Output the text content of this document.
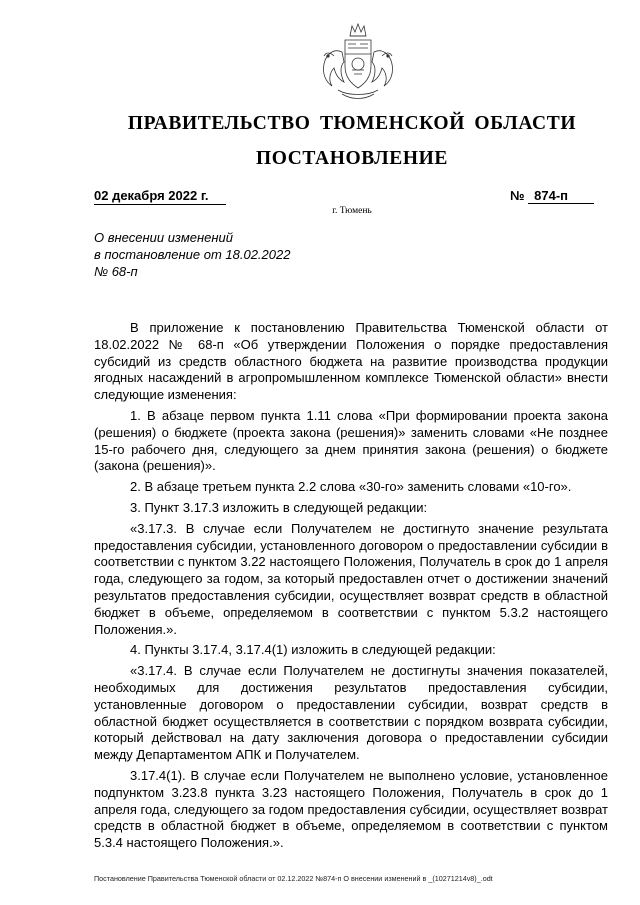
ПРАВИТЕЛЬСТВО ТЮМЕНСКОЙ ОБЛАСТИ
ПОСТАНОВЛЕНИЕ
02 декабря 2022 г.	№ 874-п
г. Тюмень
О внесении изменений
в постановление от 18.02.2022
№ 68-п

В приложение к постановлению Правительства Тюменской области от 18.02.2022 № 68-п «Об утверждении Положения о порядке предоставления субсидий из средств областного бюджета на развитие производства продукции ягодных насаждений в агропромышленном комплексе Тюменской области» внести следующие изменения:

1. В абзаце первом пункта 1.11 слова «При формировании проекта закона (решения) о бюджете (проекта закона (решения)» заменить словами «Не позднее 15-го рабочего дня, следующего за днем принятия закона (решения) о бюджете (закона (решения)».

2. В абзаце третьем пункта 2.2 слова «30-го» заменить словами «10-го».

3. Пункт 3.17.3 изложить в следующей редакции:

«3.17.3. В случае если Получателем не достигнуто значение результата предоставления субсидии, установленного договором о предоставлении субсидии в соответствии с пунктом 3.22 настоящего Положения, Получатель в срок до 1 апреля года, следующего за годом, за который предоставлен отчет о достижении значений результатов предоставления субсидии, осуществляет возврат средств в областной бюджет в объеме, определяемом в соответствии с пунктом 5.3.2 настоящего Положения.».

4. Пункты 3.17.4, 3.17.4(1) изложить в следующей редакции:

«3.17.4. В случае если Получателем не достигнуты значения показателей, необходимых для достижения результатов предоставления субсидии, установленные договором о предоставлении субсидии, возврат средств в областной бюджет осуществляется в соответствии с порядком возврата субсидии, который действовал на дату заключения договора о предоставлении субсидии между Департаментом АПК и Получателем.

3.17.4(1). В случае если Получателем не выполнено условие, установленное подпунктом 3.23.8 пункта 3.23 настоящего Положения, Получатель в срок до 1 апреля года, следующего за годом предоставления субсидии, осуществляет возврат средств в областной бюджет в объеме, определяемом в соответствии с пунктом 5.3.4 настоящего Положения.».

Постановление Правительства Тюменской области от 02.12.2022 №874-п О внесении изменений в _(10271214v8)_.odt
